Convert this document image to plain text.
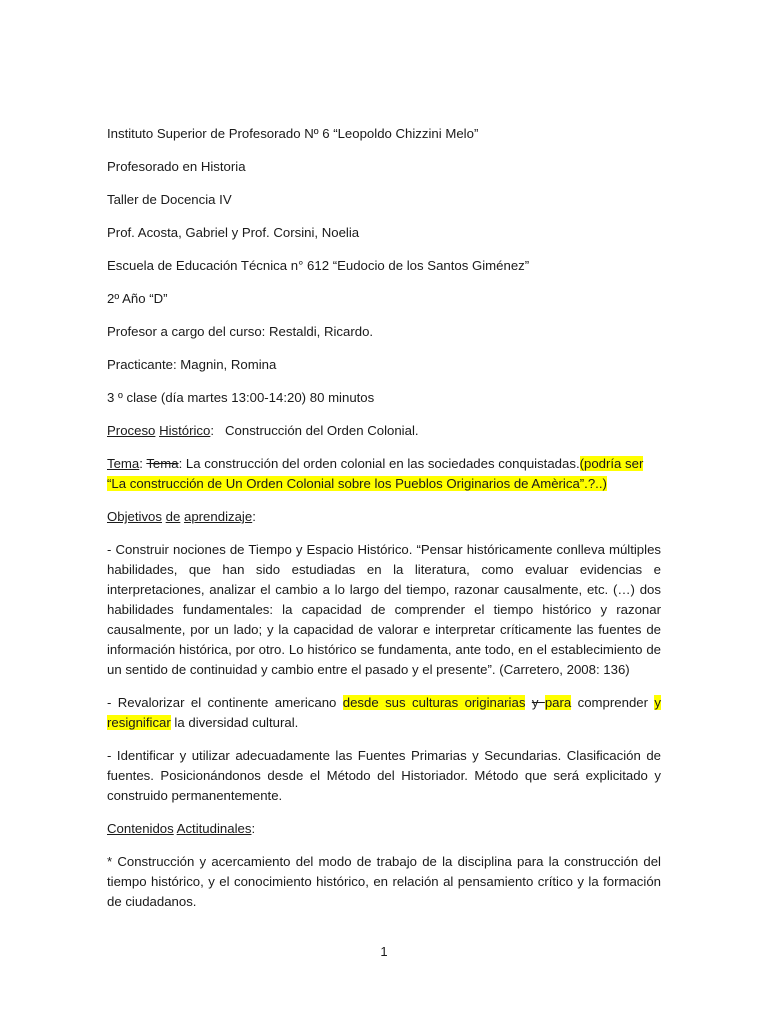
Instituto Superior de Profesorado Nº 6 “Leopoldo Chizzini Melo”
Profesorado en Historia
Taller de Docencia IV
Prof. Acosta, Gabriel y Prof. Corsini, Noelia
Escuela de Educación Técnica n° 612 “Eudocio de los Santos Giménez”
2º Año “D”
Profesor a cargo del curso: Restaldi, Ricardo.
Practicante: Magnin, Romina
3 º clase (día martes 13:00-14:20) 80 minutos
Proceso Histórico:   Construcción del Orden Colonial.
Tema: Tema: La construcción del orden colonial en las sociedades conquistadas.(podría ser “La construcción de Un Orden Colonial sobre los Pueblos Originarios de Amèrica”.?..)
Objetivos de aprendizaje:
- Construir nociones de Tiempo y Espacio Histórico. “Pensar históricamente conlleva múltiples habilidades, que han sido estudiadas en la literatura, como evaluar evidencias e interpretaciones, analizar el cambio a lo largo del tiempo, razonar causalmente, etc. (…) dos habilidades fundamentales: la capacidad de comprender el tiempo histórico y razonar causalmente, por un lado; y la capacidad de valorar e interpretar críticamente las fuentes de información histórica, por otro. Lo histórico se fundamenta, ante todo, en el establecimiento de un sentido de continuidad y cambio entre el pasado y el presente”. (Carretero, 2008: 136)
- Revalorizar el continente americano desde sus culturas originarias y para comprender y resignificar la diversidad cultural.
- Identificar y utilizar adecuadamente las Fuentes Primarias y Secundarias. Clasificación de fuentes. Posicionándonos desde el Método del Historiador. Método que será explicitado y construido permanentemente.
Contenidos Actitudinales:
* Construcción y acercamiento del modo de trabajo de la disciplina para la construcción del tiempo histórico, y el conocimiento histórico, en relación al pensamiento crítico y la formación de ciudadanos.
1
